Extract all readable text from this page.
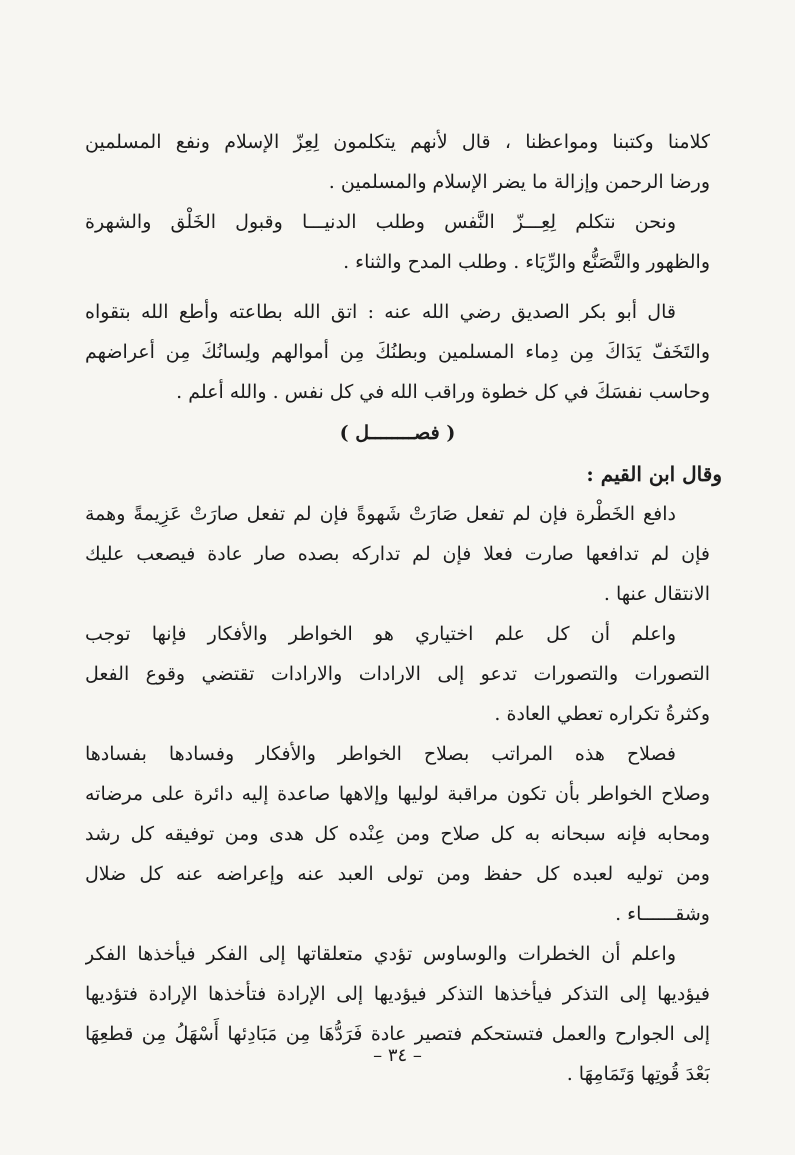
كلامنا وكتبنا ومواعظنا ، قال لأنهم يتكلمون لِعِزّ الإسلام ونفع المسلمين
ورضا الرحمن وإزالة ما يضر الإسلام والمسلمين .
ونحن نتكلم لِعِـــزّ النَّفس وطلب الدنيـــا وقبول الخَلْق والشهرة
والظهور والتَّصَنُّع والرِّيَاء . وطلب المدح والثناء .
قال أبو بكر الصديق رضي الله عنه : اتق الله بطاعته وأطع الله بتقواه
والتَخَفّ يَدَاكَ مِن دِماء المسلمين وبطنُكَ مِن أموالهم ولِسانُكَ مِن أعراضهم
وحاسب نفسَكَ في كل خطوة وراقب الله في كل نفس . والله أعلم .
( فصــــــــل )
وقال ابن القيم :
دافع الخَطْرة فإن لم تفعل صَارَتْ شَهوةً فإن لم تفعل صارَتْ عَزِيمةً وهمة
فإن لم تدافعها صارت فعلا فإن لم تداركه بصده صار عادة فيصعب عليك
الانتقال عنها .
واعلم أن كل علم اختياري هو الخواطر والأفكار فإنها توجب
التصورات والتصورات تدعو إلى الارادات والارادات تقتضي وقوع الفعل
وكثرةُ تكراره تعطي العادة .
فصلاح هذه المراتب بصلاح الخواطر والأفكار وفسادها بفسادها
وصلاح الخواطر بأن تكون مراقبة لوليها وإلاهها صاعدة إليه دائرة على مرضاته
ومحابه فإنه سبحانه به كل صلاح ومن عِنْده كل هدى ومن توفيقه كل رشد
ومن توليه لعبده كل حفظ ومن تولى العبد عنه وإعراضه عنه كل ضلال
وشقــــــاء .
واعلم أن الخطرات والوساوس تؤدي متعلقاتها إلى الفكر فيأخذها الفكر
فيؤديها إلى التذكر فيأخذها التذكر فيؤديها إلى الإرادة فتأخذها الإرادة فتؤديها
إلى الجوارح والعمل فتستحكم فتصير عادة فَرَدُّهَا مِن مَبَادِئها أَسْهَلُ مِن قطعِهَا
بَعْدَ قُوتِها وَتَمَامِهَا .
– ٣٤ –
